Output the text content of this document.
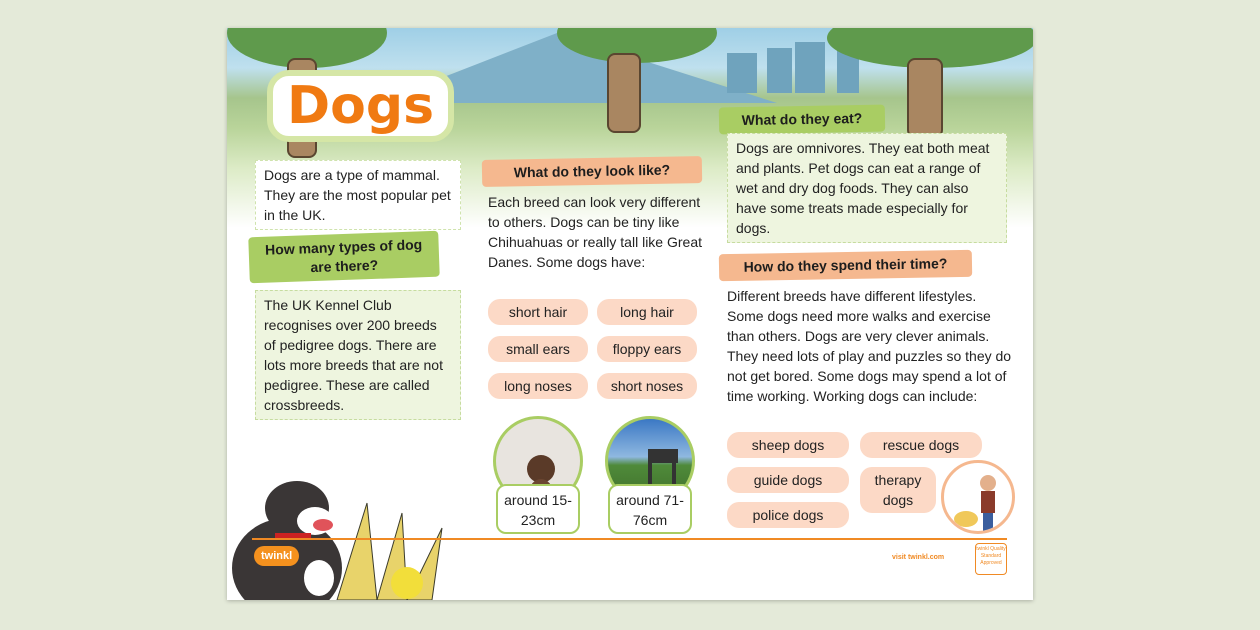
Dogs
Dogs are a type of mammal. They are the most popular pet in the UK.
How many types of dog are there?
The UK Kennel Club recognises over 200 breeds of pedigree dogs. There are lots more breeds that are not pedigree. These are called crossbreeds.
What do they look like?
Each breed can look very different to others. Dogs can be tiny like Chihuahuas or really tall like Great Danes. Some dogs have:
short hair	long hair
small ears	floppy ears
long noses	short noses
around 15-23cm
around 71-76cm
What do they eat?
Dogs are omnivores. They eat both meat and plants. Pet dogs can eat a range of wet and dry dog foods. They can also have some treats made especially for dogs.
How do they spend their time?
Different breeds have different lifestyles. Some dogs need more walks and exercise than others. Dogs are very clever animals. They need lots of play and puzzles so they do not get bored. Some dogs may spend a lot of time working. Working dogs can include:
sheep dogs	rescue dogs
guide dogs	therapy dogs
police dogs
twinkl	visit twinkl.com
twinkl Quality Standard Approved
